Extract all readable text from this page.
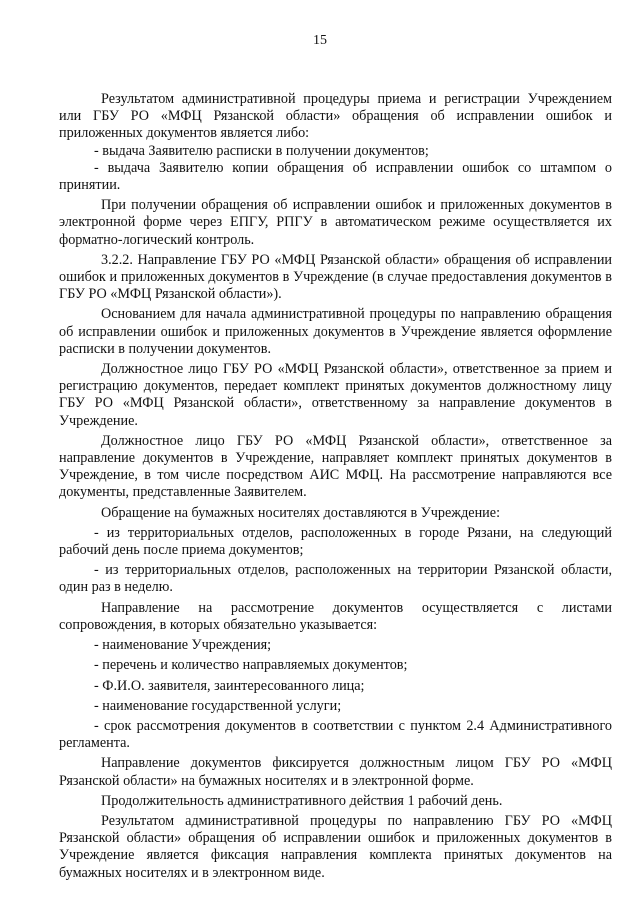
15

Результатом административной процедуры приема и регистрации Учреждением или ГБУ РО «МФЦ Рязанской области» обращения об исправлении ошибок и приложенных документов является либо:

- выдача Заявителю расписки в получении документов;

- выдача Заявителю копии обращения об исправлении ошибок со штампом о принятии.

При получении обращения об исправлении ошибок и приложенных документов в электронной форме через ЕПГУ, РПГУ в автоматическом режиме осуществляется их форматно-логический контроль.

3.2.2. Направление ГБУ РО «МФЦ Рязанской области» обращения об исправлении ошибок и приложенных документов в Учреждение (в случае предоставления документов в ГБУ РО «МФЦ Рязанской области»).

Основанием для начала административной процедуры по направлению обращения об исправлении ошибок и приложенных документов в Учреждение является оформление расписки в получении документов.

Должностное лицо ГБУ РО «МФЦ Рязанской области», ответственное за прием и регистрацию документов, передает комплект принятых документов должностному лицу ГБУ РО «МФЦ Рязанской области», ответственному за направление документов в Учреждение.

Должностное лицо ГБУ РО «МФЦ Рязанской области», ответственное за направление документов в Учреждение, направляет комплект принятых документов в Учреждение, в том числе посредством АИС МФЦ. На рассмотрение направляются все документы, представленные Заявителем.

Обращение на бумажных носителях доставляются в Учреждение:

- из территориальных отделов, расположенных в городе Рязани, на следующий рабочий день после приема документов;

- из территориальных отделов, расположенных на территории Рязанской области, один раз в неделю.

Направление на рассмотрение документов осуществляется с листами сопровождения, в которых обязательно указывается:

- наименование Учреждения;

- перечень и количество направляемых документов;

- Ф.И.О. заявителя, заинтересованного лица;

- наименование государственной услуги;

- срок рассмотрения документов в соответствии с пунктом 2.4 Административного регламента.

Направление документов фиксируется должностным лицом ГБУ РО «МФЦ Рязанской области» на бумажных носителях и в электронной форме.

Продолжительность административного действия 1 рабочий день.

Результатом административной процедуры по направлению ГБУ РО «МФЦ Рязанской области» обращения об исправлении ошибок и приложенных документов в Учреждение является фиксация направления комплекта принятых документов на бумажных носителях и в электронном виде.
